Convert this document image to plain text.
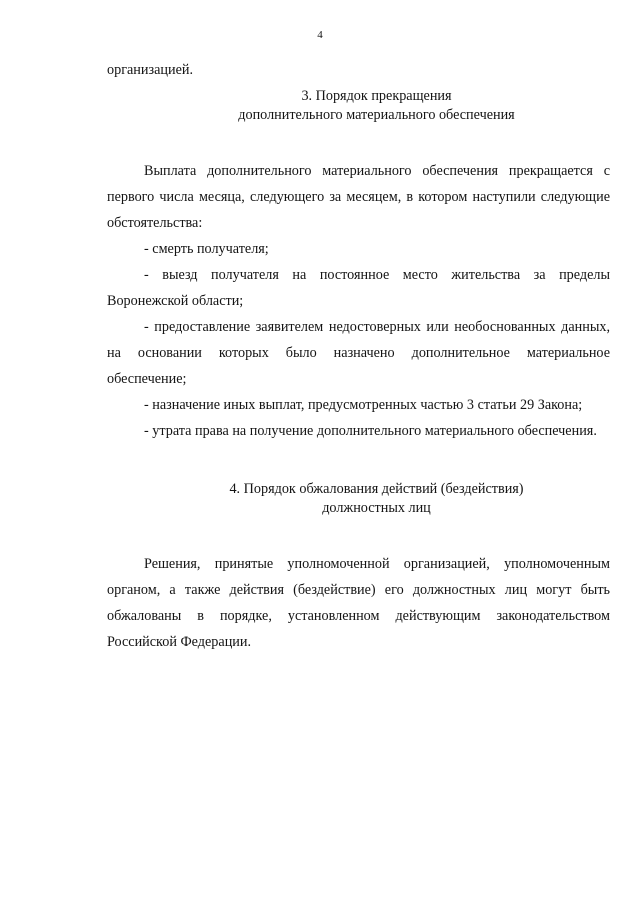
4

организацией.

3. Порядок прекращения
дополнительного материального обеспечения

Выплата дополнительного материального обеспечения прекращается с первого числа месяца, следующего за месяцем, в котором наступили следующие обстоятельства:

- смерть получателя;

- выезд получателя на постоянное место жительства за пределы Воронежской области;

- предоставление заявителем недостоверных или необоснованных данных, на основании которых было назначено дополнительное материальное обеспечение;

- назначение иных выплат, предусмотренных частью 3 статьи 29 Закона;

- утрата права на получение дополнительного материального обеспечения.

4. Порядок обжалования действий (бездействия)
должностных лиц

Решения, принятые уполномоченной организацией, уполномоченным органом, а также действия (бездействие) его должностных лиц могут быть обжалованы в порядке, установленном действующим законодательством Российской Федерации.
